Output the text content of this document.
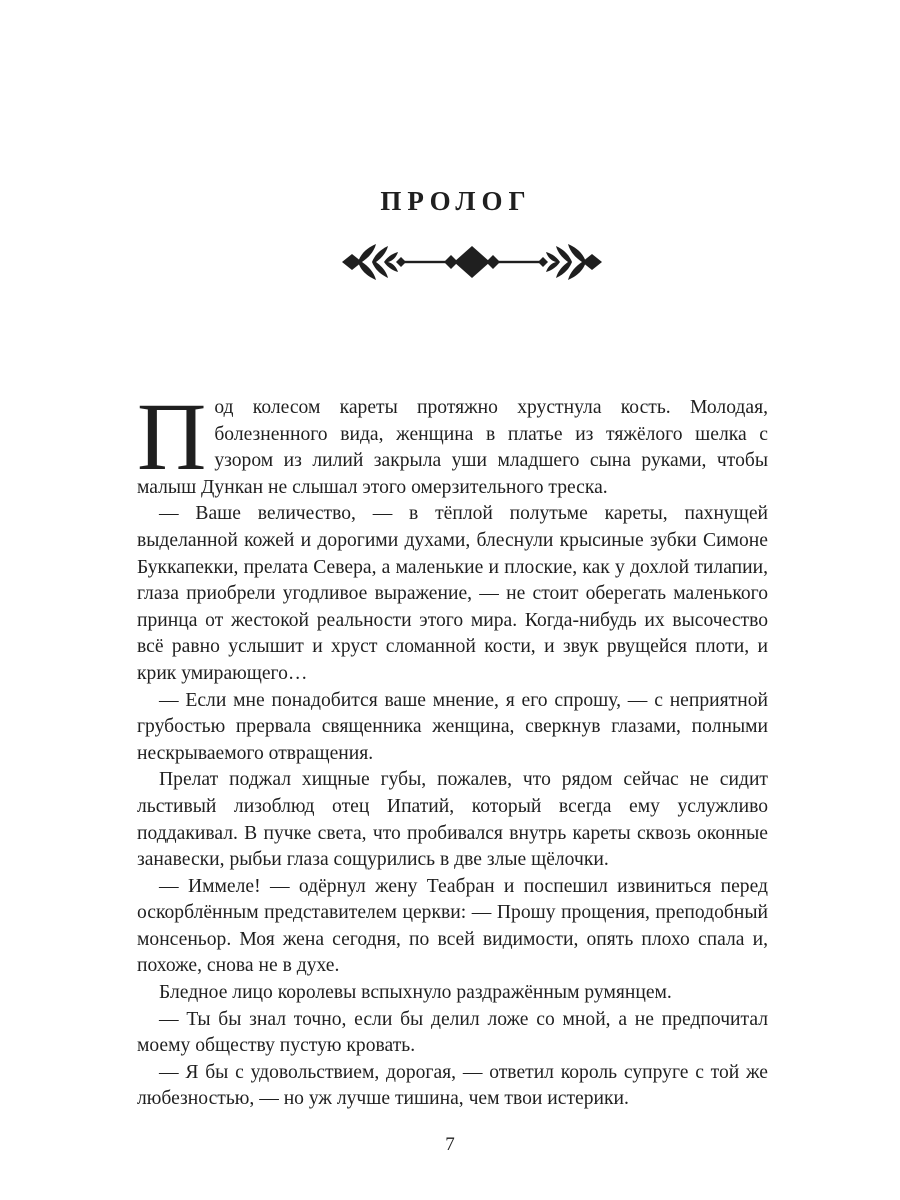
ПРОЛОГ

Под колесом кареты протяжно хрустнула кость. Молодая, болезненного вида, женщина в платье из тяжёлого шелка с узором из лилий закрыла уши младшего сына руками, чтобы малыш Дункан не слышал этого омерзительного треска.

— Ваше величество, — в тёплой полутьме кареты, пахнущей выделанной кожей и дорогими духами, блеснули крысиные зубки Симоне Буккапекки, прелата Севера, а маленькие и плоские, как у дохлой тилапии, глаза приобрели угодливое выражение, — не стоит оберегать маленького принца от жестокой реальности этого мира. Когда-нибудь их высочество всё равно услышит и хруст сломанной кости, и звук рвущейся плоти, и крик умирающего…

— Если мне понадобится ваше мнение, я его спрошу, — с неприятной грубостью прервала священника женщина, сверкнув глазами, полными нескрываемого отвращения.

Прелат поджал хищные губы, пожалев, что рядом сейчас не сидит льстивый лизоблюд отец Ипатий, который всегда ему услужливо поддакивал. В пучке света, что пробивался внутрь кареты сквозь оконные занавески, рыбьи глаза сощурились в две злые щёлочки.

— Иммеле! — одёрнул жену Теабран и поспешил извиниться перед оскорблённым представителем церкви: — Прошу прощения, преподобный монсеньор. Моя жена сегодня, по всей видимости, опять плохо спала и, похоже, снова не в духе.

Бледное лицо королевы вспыхнуло раздражённым румянцем.

— Ты бы знал точно, если бы делил ложе со мной, а не предпочитал моему обществу пустую кровать.

— Я бы с удовольствием, дорогая, — ответил король супруге с той же любезностью, — но уж лучше тишина, чем твои истерики.

7
